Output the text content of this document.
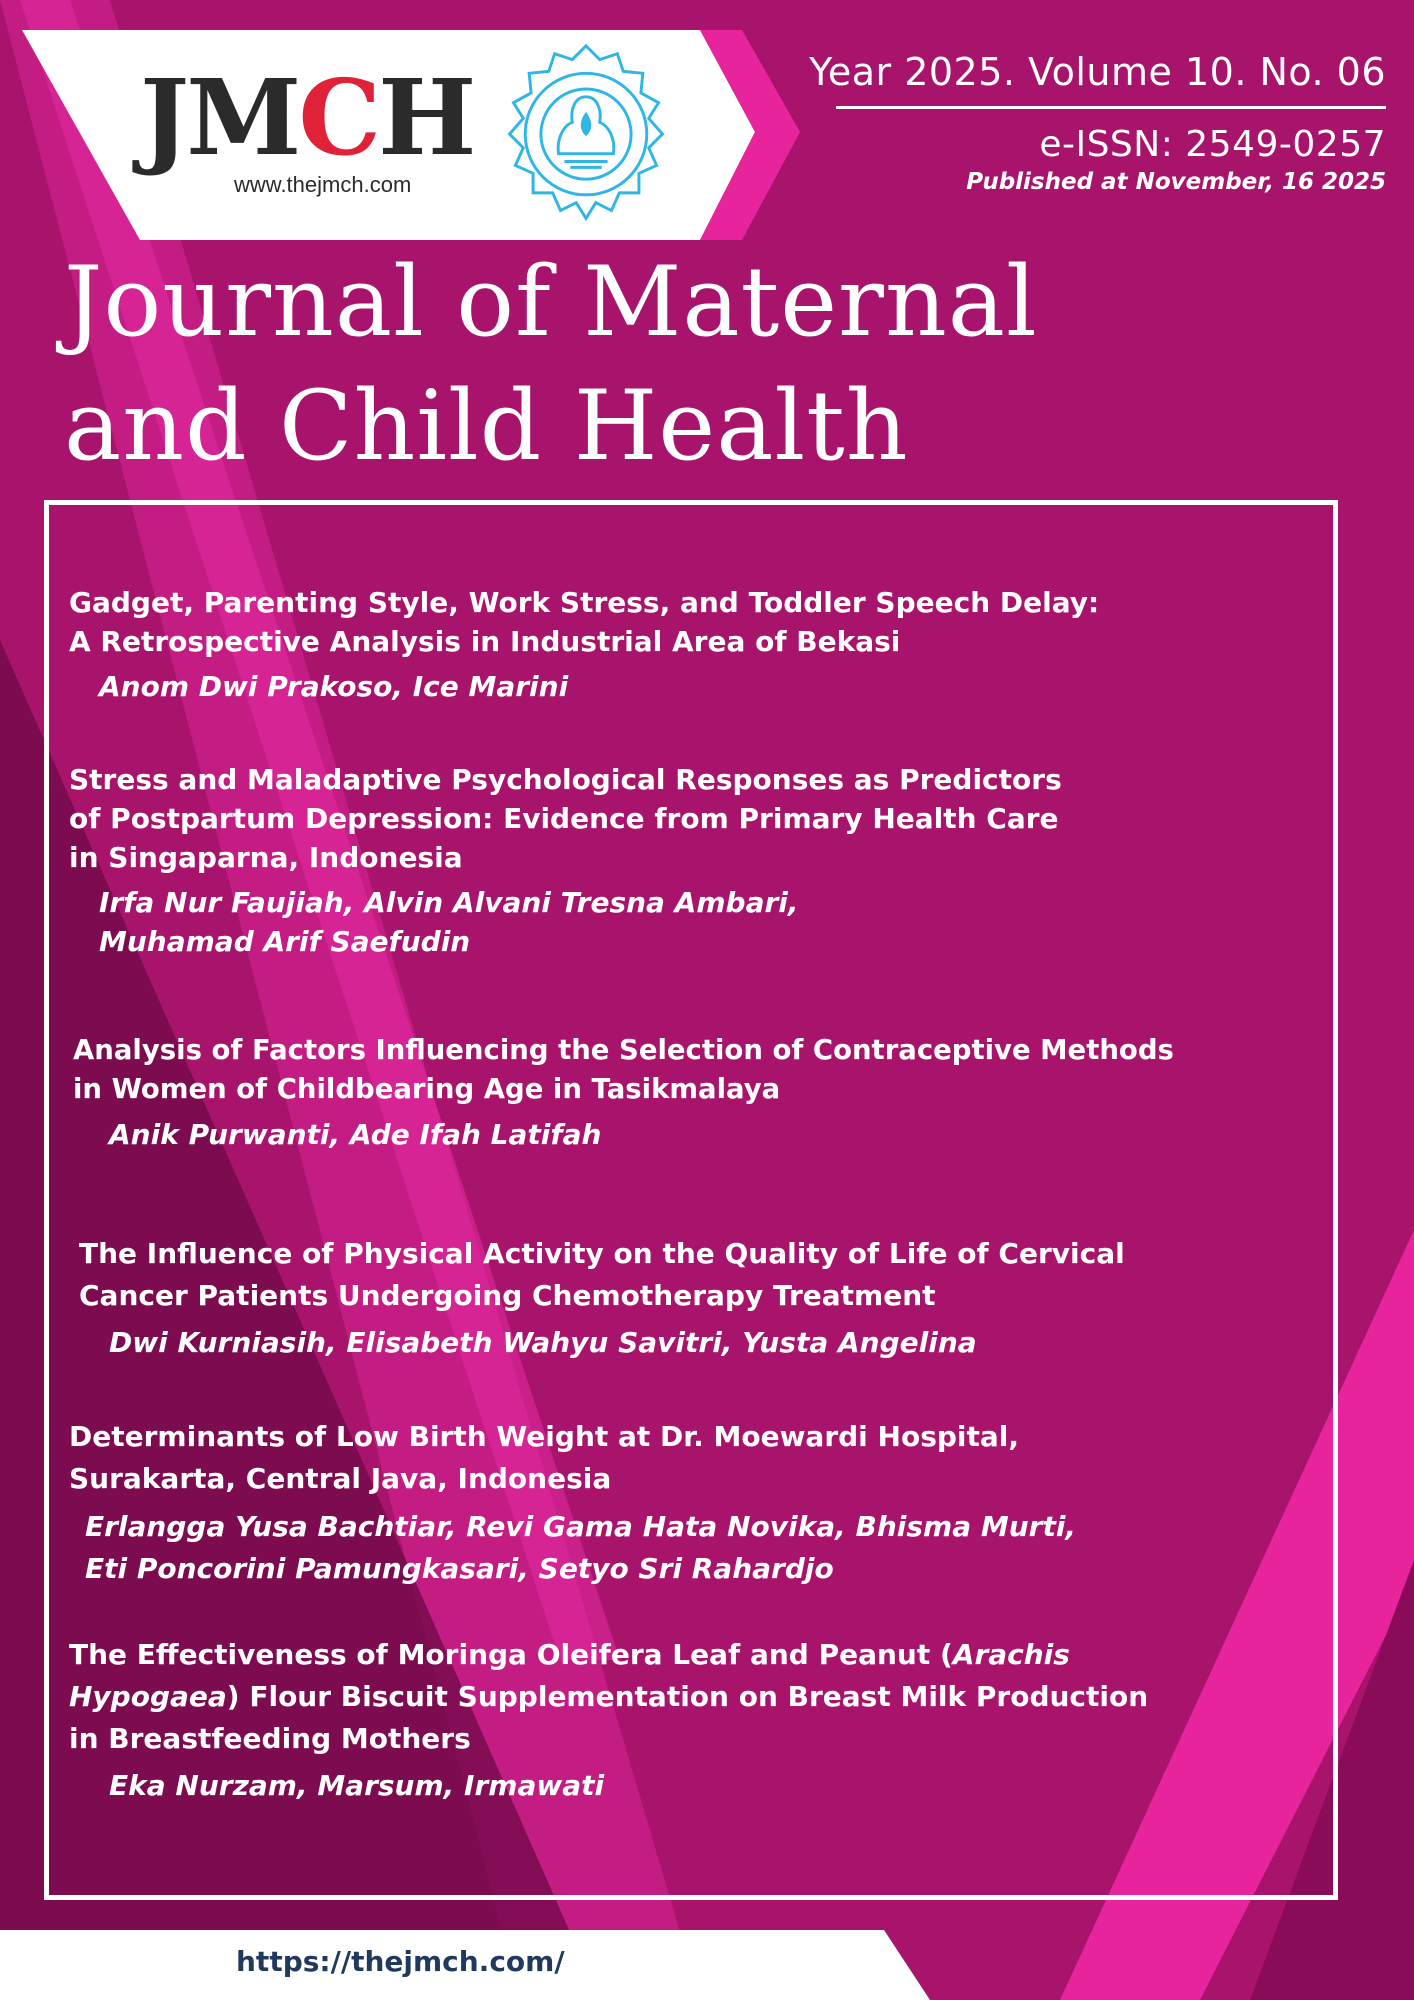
JMCH
www.thejmch.com
Year 2025. Volume 10. No. 06
e-ISSN: 2549-0257
Published at November, 16 2025
Journal of Maternal
and Child Health
Gadget, Parenting Style, Work Stress, and Toddler Speech Delay:
A Retrospective Analysis in Industrial Area of Bekasi
Anom Dwi Prakoso, Ice Marini
Stress and Maladaptive Psychological Responses as Predictors
of Postpartum Depression: Evidence from Primary Health Care
in Singaparna, Indonesia
Irfa Nur Faujiah, Alvin Alvani Tresna Ambari,
Muhamad Arif Saefudin
Analysis of Factors Influencing the Selection of Contraceptive Methods
in Women of Childbearing Age in Tasikmalaya
Anik Purwanti, Ade Ifah Latifah
The Influence of Physical Activity on the Quality of Life of Cervical
Cancer Patients Undergoing Chemotherapy Treatment
Dwi Kurniasih, Elisabeth Wahyu Savitri, Yusta Angelina
Determinants of Low Birth Weight at Dr. Moewardi Hospital,
Surakarta, Central Java, Indonesia
Erlangga Yusa Bachtiar, Revi Gama Hata Novika, Bhisma Murti,
Eti Poncorini Pamungkasari, Setyo Sri Rahardjo
The Effectiveness of Moringa Oleifera Leaf and Peanut (Arachis
Hypogaea) Flour Biscuit Supplementation on Breast Milk Production
in Breastfeeding Mothers
Eka Nurzam, Marsum, Irmawati
https://thejmch.com/
